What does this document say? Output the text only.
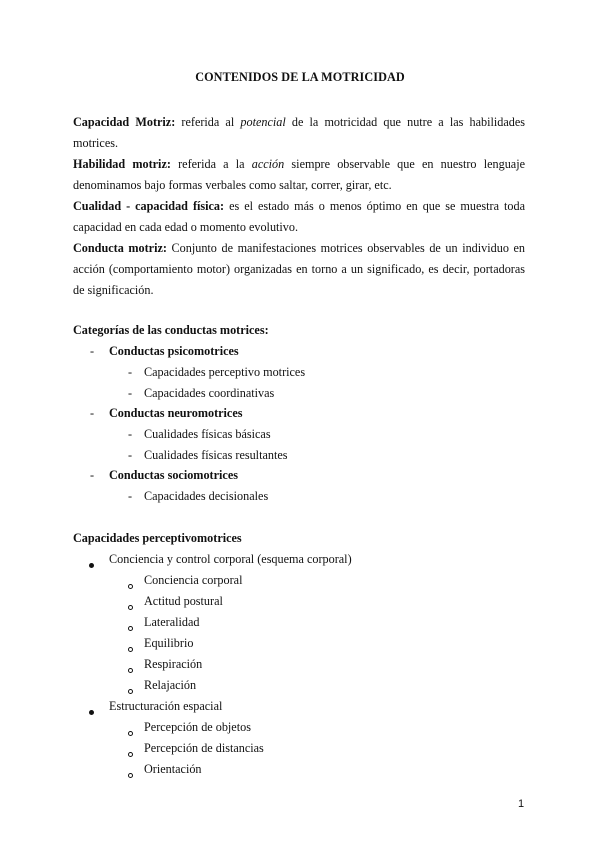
CONTENIDOS DE LA MOTRICIDAD
Capacidad Motriz: referida al potencial de la motricidad que nutre a las habilidades motrices.
Habilidad motriz: referida a la acción siempre observable que en nuestro lenguaje denominamos bajo formas verbales como saltar, correr, girar, etc.
Cualidad - capacidad física: es el estado más o menos óptimo en que se muestra toda capacidad en cada edad o momento evolutivo.
Conducta motriz: Conjunto de manifestaciones motrices observables de un individuo en acción (comportamiento motor) organizadas en torno a un significado, es decir, portadoras de significación.
Categorías de las conductas motrices:
- Conductas psicomotrices
- Capacidades perceptivo motrices
- Capacidades coordinativas
- Conductas neuromotrices
- Cualidades físicas básicas
- Cualidades físicas resultantes
- Conductas sociomotrices
- Capacidades decisionales
Capacidades perceptivomotrices
Conciencia y control corporal (esquema corporal)
Conciencia corporal
Actitud postural
Lateralidad
Equilibrio
Respiración
Relajación
Estructuración espacial
Percepción de objetos
Percepción de distancias
Orientación
1
